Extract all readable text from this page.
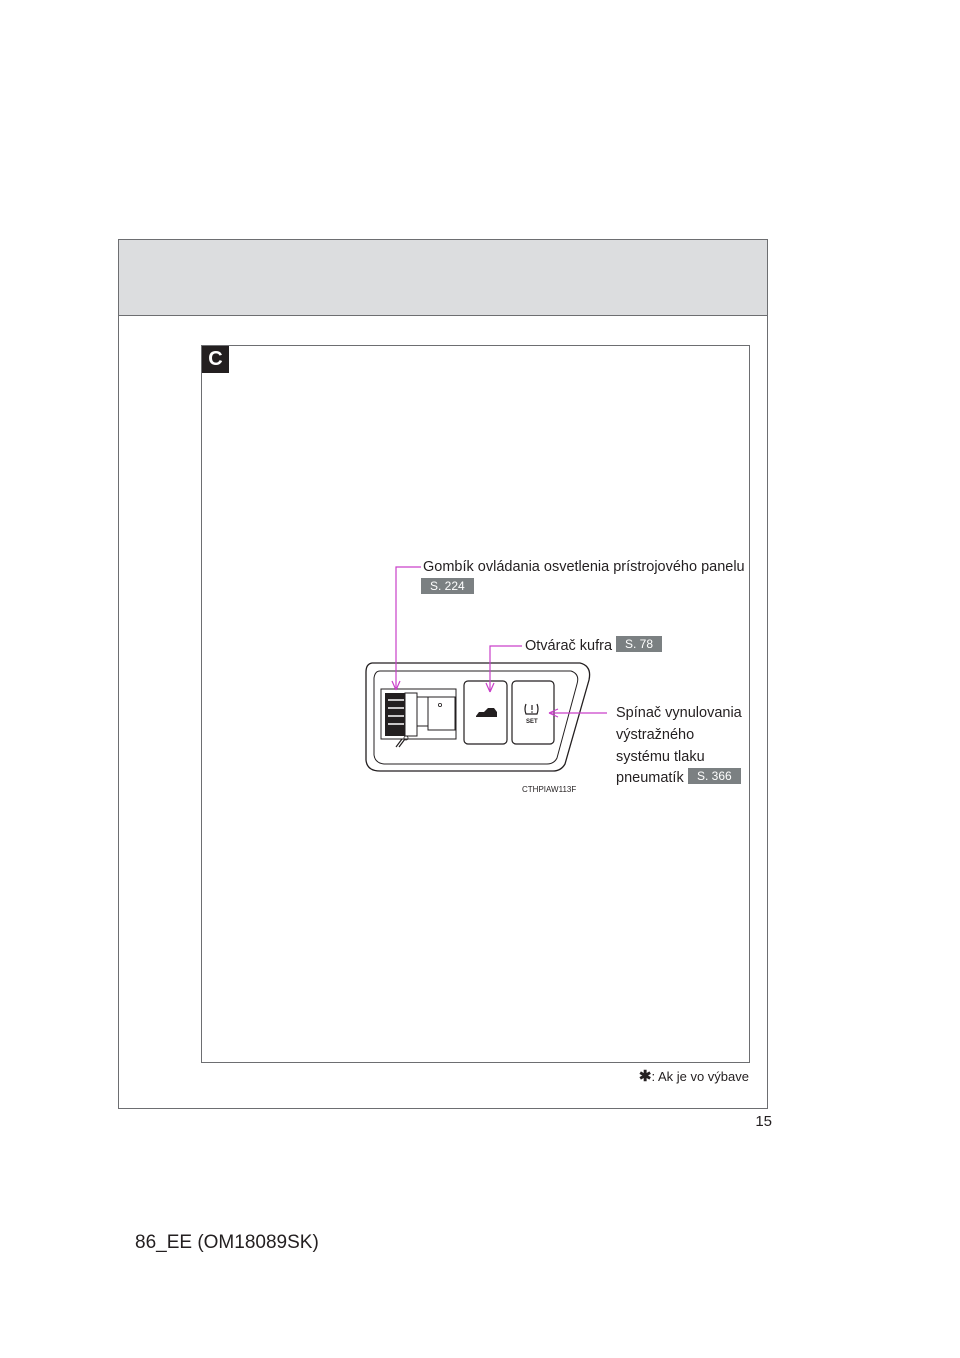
C
SET
CTHPIAW113F
Gombík ovládania osvetlenia prístrojového panelu
S. 224
Otvárač kufra	S. 78
Spínač vynulovania
výstražného
systému tlaku
pneumatík	S. 366
✱: Ak je vo výbave
15
86_EE (OM18089SK)
